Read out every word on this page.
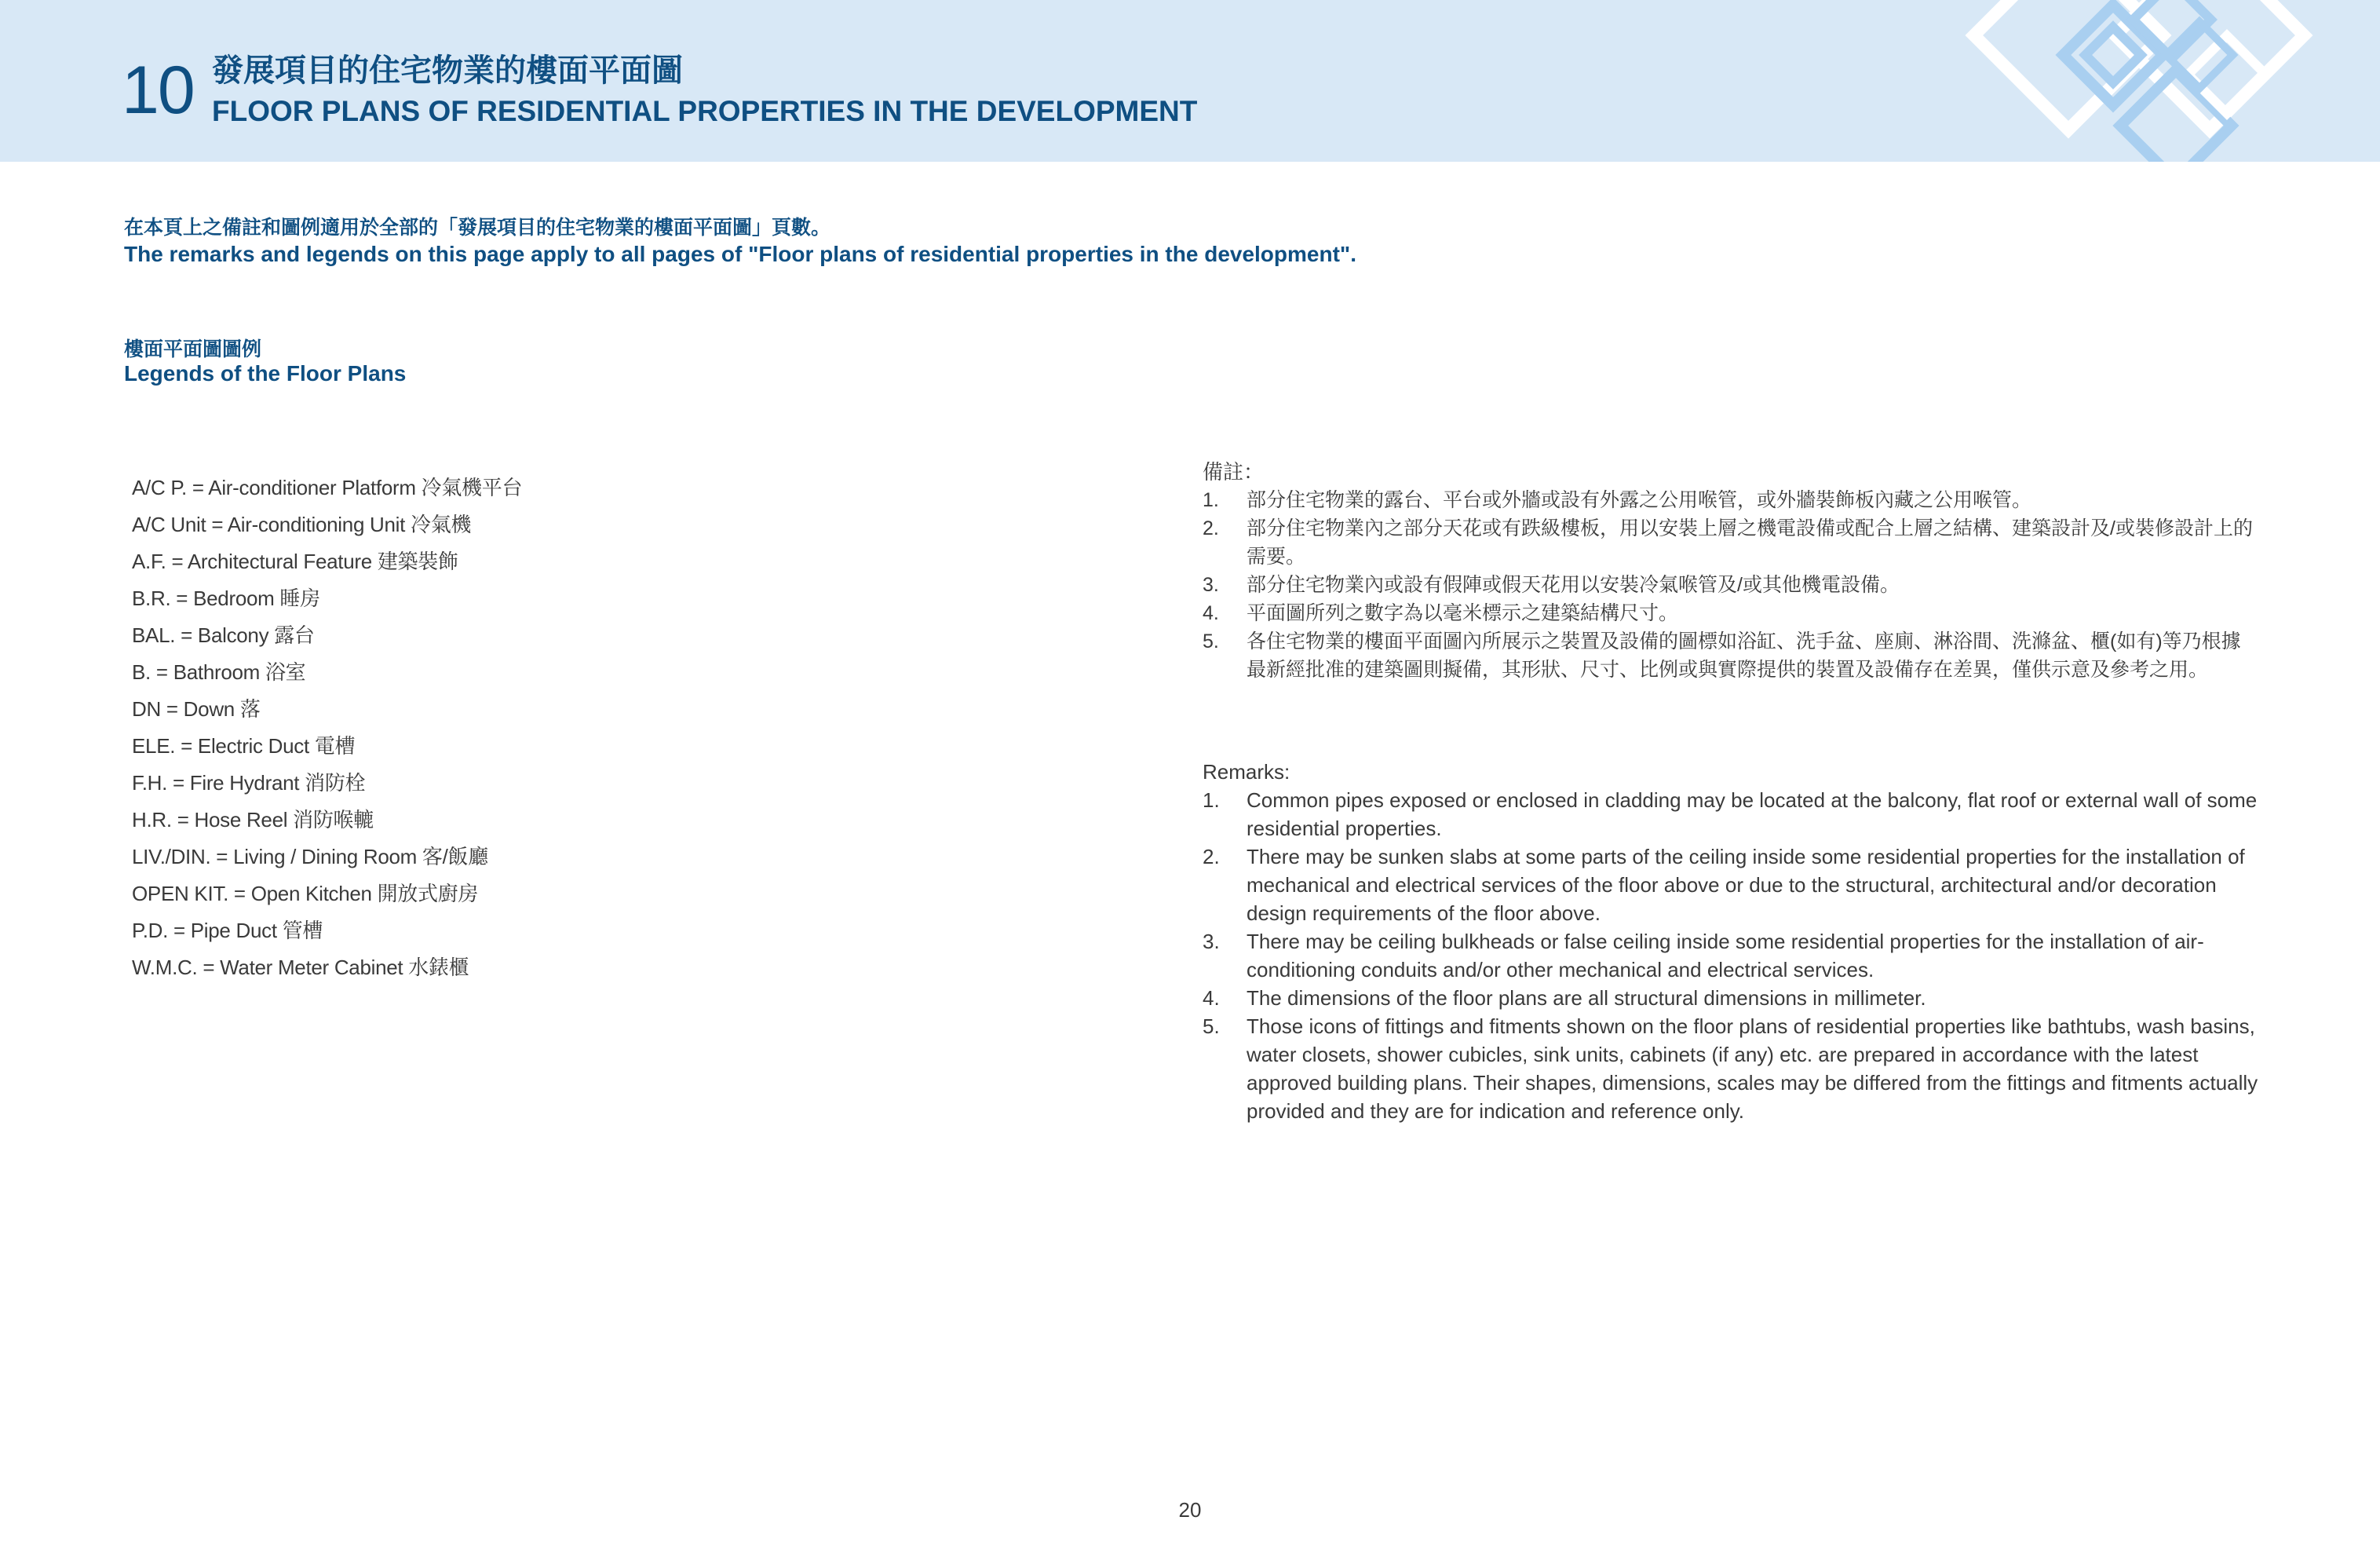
10 發展項目的住宅物業的樓面平面圖
FLOOR PLANS OF RESIDENTIAL PROPERTIES IN THE DEVELOPMENT
在本頁上之備註和圖例適用於全部的「發展項目的住宅物業的樓面平面圖」頁數。
The remarks and legends on this page apply to all pages of "Floor plans of residential properties in the development".
樓面平面圖圖例
Legends of the Floor Plans
A/C P. = Air-conditioner Platform 冷氣機平台
A/C Unit = Air-conditioning Unit 冷氣機
A.F. = Architectural Feature 建築裝飾
B.R. = Bedroom 睡房
BAL. = Balcony 露台
B. = Bathroom 浴室
DN = Down 落
ELE. = Electric Duct 電槽
F.H. = Fire Hydrant 消防栓
H.R. = Hose Reel 消防喉轆
LIV./DIN. = Living / Dining Room 客/飯廳
OPEN KIT. = Open Kitchen 開放式廚房
P.D. = Pipe Duct 管槽
W.M.C. = Water Meter Cabinet 水錶櫃
備註：
1. 部分住宅物業的露台、平台或外牆或設有外露之公用喉管，或外牆裝飾板內藏之公用喉管。
2. 部分住宅物業內之部分天花或有跌級樓板，用以安裝上層之機電設備或配合上層之結構、建築設計及/或裝修設計上的需要。
3. 部分住宅物業內或設有假陣或假天花用以安裝冷氣喉管及/或其他機電設備。
4. 平面圖所列之數字為以毫米標示之建築結構尺寸。
5. 各住宅物業的樓面平面圖內所展示之裝置及設備的圖標如浴缸、洗手盆、座廁、淋浴間、洗滌盆、櫃(如有)等乃根據最新經批准的建築圖則擬備，其形狀、尺寸、比例或與實際提供的裝置及設備存在差異，僅供示意及參考之用。
Remarks:
1. Common pipes exposed or enclosed in cladding may be located at the balcony, flat roof or external wall of some residential properties.
2. There may be sunken slabs at some parts of the ceiling inside some residential properties for the installation of mechanical and electrical services of the floor above or due to the structural, architectural and/or decoration design requirements of the floor above.
3. There may be ceiling bulkheads or false ceiling inside some residential properties for the installation of air-conditioning conduits and/or other mechanical and electrical services.
4. The dimensions of the floor plans are all structural dimensions in millimeter.
5. Those icons of fittings and fitments shown on the floor plans of residential properties like bathtubs, wash basins, water closets, shower cubicles, sink units, cabinets (if any) etc. are prepared in accordance with the latest approved building plans. Their shapes, dimensions, scales may be differed from the fittings and fitments actually provided and they are for indication and reference only.
20
